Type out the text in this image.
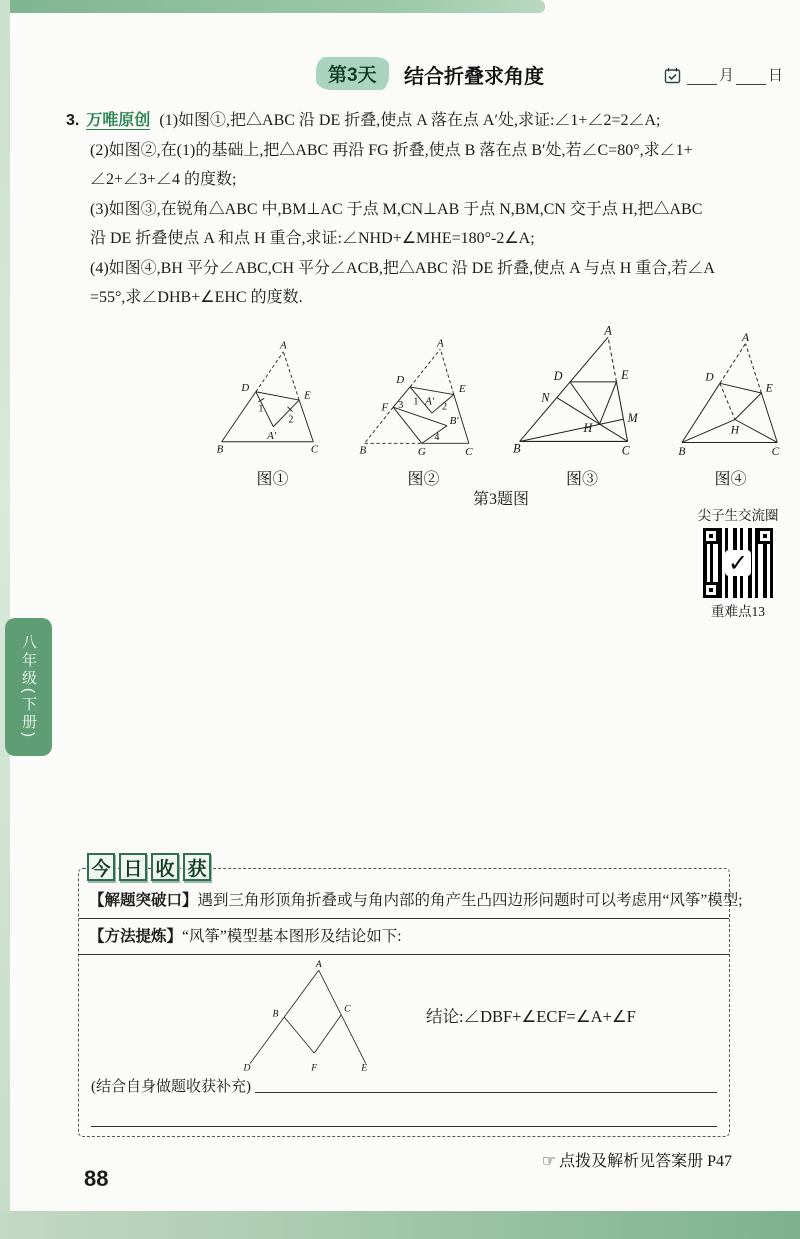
第3天	结合折叠求角度	月 日
3. 万唯原创 (1)如图①,把△ABC 沿 DE 折叠,使点 A 落在点 A′处,求证:∠1+∠2=2∠A;
(2)如图②,在(1)的基础上,把△ABC 再沿 FG 折叠,使点 B 落在点 B′处,若∠C=80°,求∠1+
∠2+∠3+∠4 的度数;
(3)如图③,在锐角△ABC 中,BM⊥AC 于点 M,CN⊥AB 于点 N,BM,CN 交于点 H,把△ABC
沿 DE 折叠使点 A 和点 H 重合,求证:∠NHD+∠MHE=180°-2∠A;
(4)如图④,BH 平分∠ABC,CH 平分∠ACB,把△ABC 沿 DE 折叠,使点 A 与点 H 重合,若∠A
=55°,求∠DHB+∠EHC 的度数.
A
D
E
1
2
A′
B	C
图①
A
D
E
F 1 A′ 2
3
4
B′
B	G	C
图②
A
D	E
N
H
M
B	C
图③
A
D
E
H
B	C
图④
第3题图
尖子生交流圈
✓
重难点13
八年级(下册)
今 日 收 获
【解题突破口】遇到三角形顶角折叠或与角内部的角产生凸四边形问题时可以考虑用“风筝”模型;
【方法提炼】“风筝”模型基本图形及结论如下:
A
B	C
D	F	E
结论:∠DBF+∠ECF=∠A+∠F
(结合自身做题收获补充)
☞ 点拨及解析见答案册 P47
88
